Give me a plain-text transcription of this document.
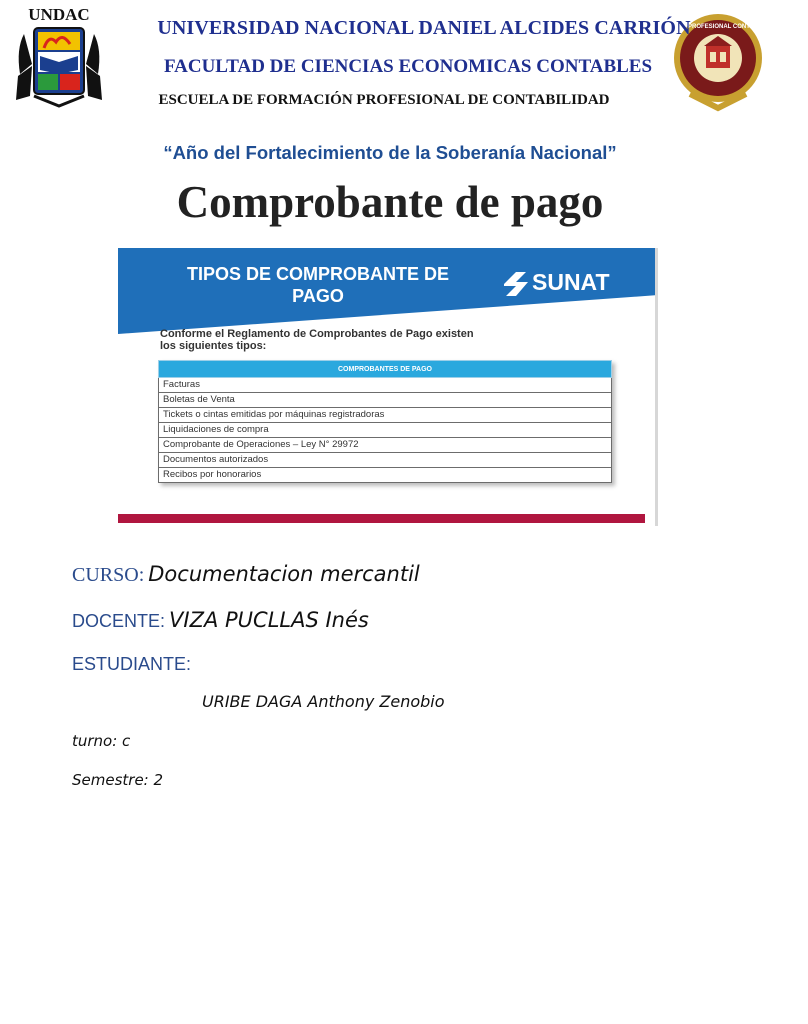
UNDAC
ESCUELA PROFESIONAL CONTABILIDAD
UNIVERSIDAD NACIONAL DANIEL ALCIDES CARRIÓN
FACULTAD DE CIENCIAS ECONOMICAS CONTABLES
ESCUELA DE FORMACIÓN PROFESIONAL DE CONTABILIDAD
“Año del Fortalecimiento de la Soberanía Nacional”
Comprobante de pago
TIPOS DE COMPROBANTE DE
PAGO
SUNAT
Conforme el Reglamento de Comprobantes de Pago existen
los siguientes tipos:
COMPROBANTES DE PAGO
Facturas
Boletas de Venta
Tickets o cintas emitidas por máquinas registradoras
Liquidaciones de compra
Comprobante de Operaciones – Ley N° 29972
Documentos autorizados
Recibos por honorarios
CURSO: Documentacion mercantil
DOCENTE: VIZA PUCLLAS Inés
ESTUDIANTE:
URIBE DAGA Anthony Zenobio
turno: c
Semestre: 2
